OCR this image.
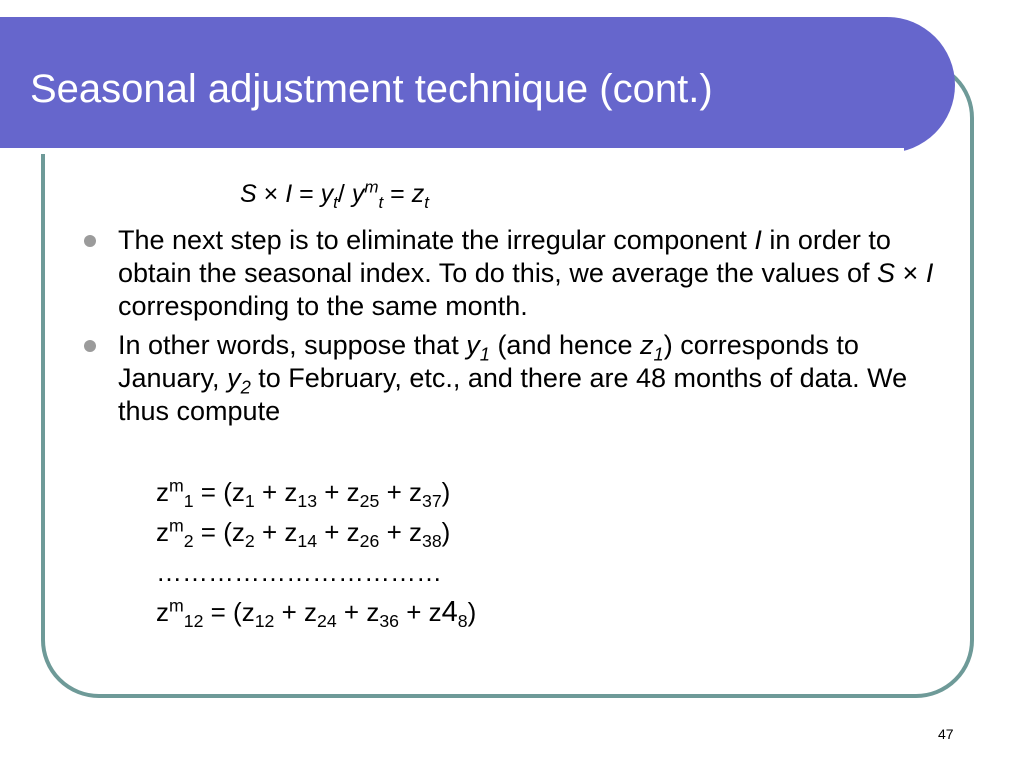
Seasonal adjustment technique (cont.)
$S \times I = y_t/$ $y^m_t = z_t$
The next step is to eliminate the irregular component I in order to obtain the seasonal index. To do this, we average the values of S × I corresponding to the same month.
In other words, suppose that $y_1$ (and hence $z_1$) corresponds to January, $y_2$ to February, etc., and there are 48 months of data. We thus compute
$z^m_1 = (z_1 + z_{13} + z_{25} + z_{37})$
$z^m_2 = (z_2 + z_{14} + z_{26} + z_{38})$
……………………………
$z^m_{12} = (z_{12} + z_{24} + z_{36} + z4_8)$
47
